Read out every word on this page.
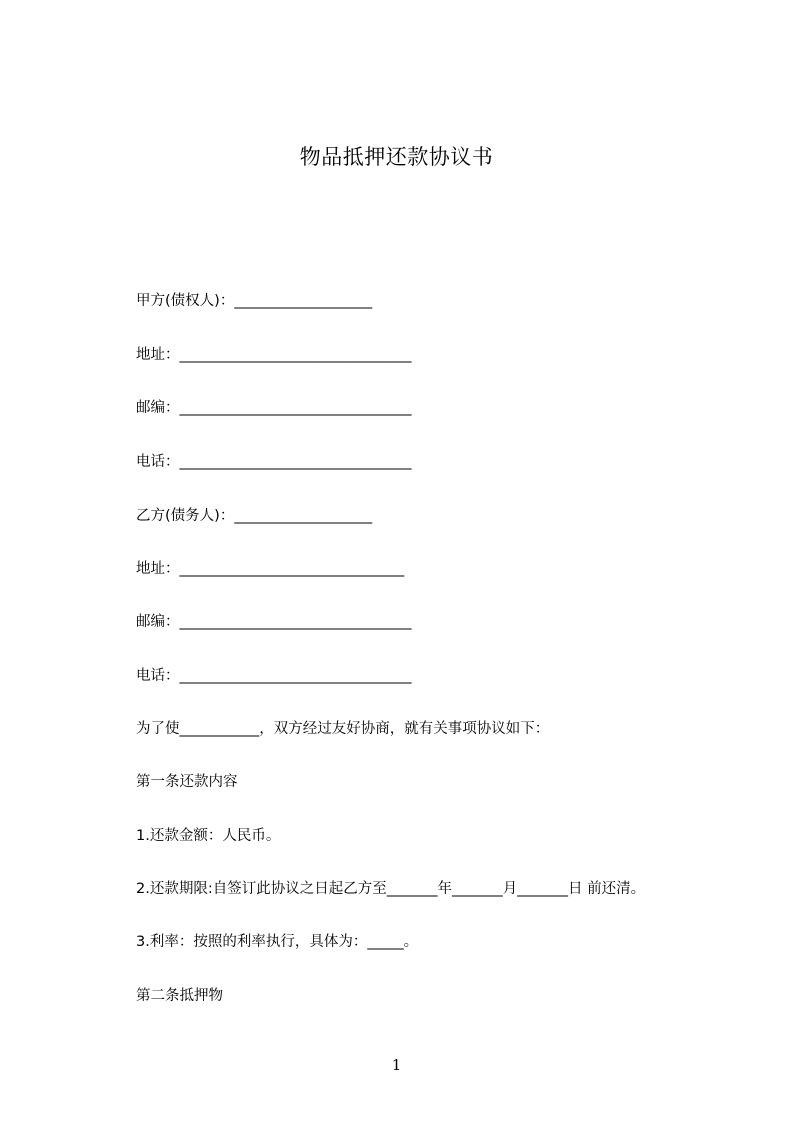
物品抵押还款协议书
甲方(债权人)：___________________
地址：________________________________
邮编：________________________________
电话：________________________________
乙方(债务人)：___________________
地址：_______________________________
邮编：________________________________
电话：________________________________
为了使___________，双方经过友好协商，就有关事项协议如下：
第一条还款内容
1.还款金额：人民币。
2.还款期限:自签订此协议之日起乙方至_______年_______月_______日 前还清。
3.利率：按照的利率执行，具体为：_____。
第二条抵押物
1
